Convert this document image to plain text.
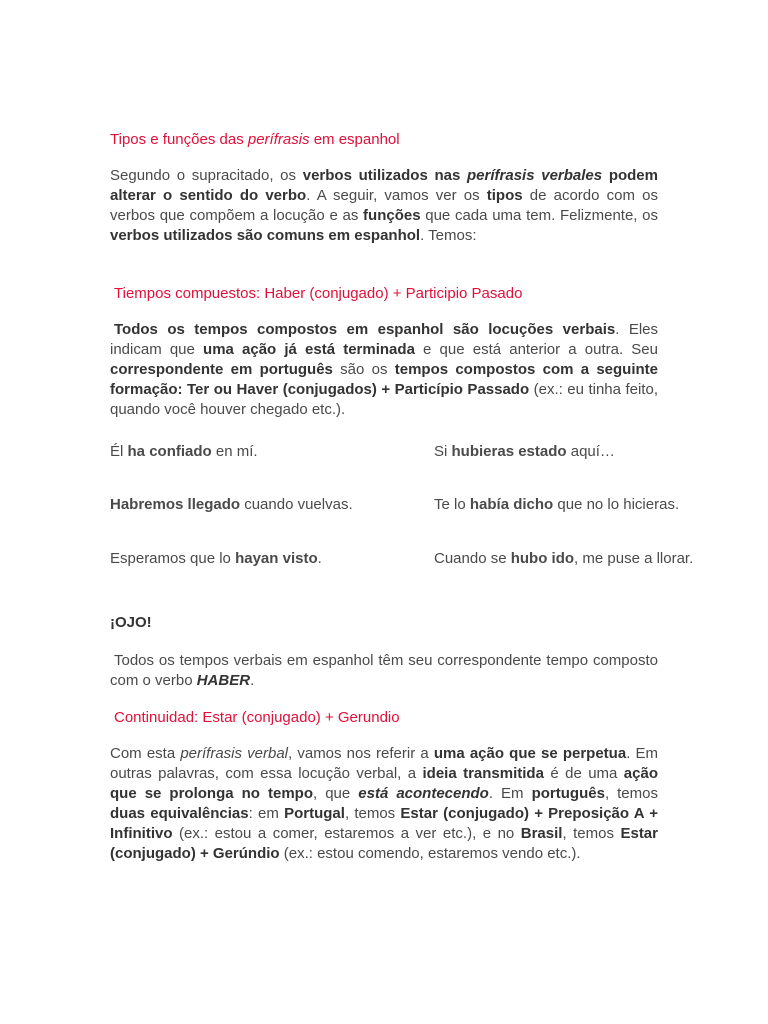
Tipos e funções das perífrasis em espanhol

Segundo o supracitado, os verbos utilizados nas perífrasis verbales podem alterar o sentido do verbo. A seguir, vamos ver os tipos de acordo com os verbos que compõem a locução e as funções que cada uma tem. Felizmente, os verbos utilizados são comuns em espanhol. Temos:

Tiempos compuestos: Haber (conjugado) + Participio Pasado

Todos os tempos compostos em espanhol são locuções verbais. Eles indicam que uma ação já está terminada e que está anterior a outra. Seu correspondente em português são os tempos compostos com a seguinte formação: Ter ou Haver (conjugados) + Particípio Passado (ex.: eu tinha feito, quando você houver chegado etc.).

Él ha confiado en mí.	Si hubieras estado aquí…
Habremos llegado cuando vuelvas.	Te lo había dicho que no lo hicieras.
Esperamos que lo hayan visto.	Cuando se hubo ido, me puse a llorar.
¡OJO!

Todos os tempos verbais em espanhol têm seu correspondente tempo composto com o verbo HABER.

Continuidad: Estar (conjugado) + Gerundio

Com esta perífrasis verbal, vamos nos referir a uma ação que se perpetua. Em outras palavras, com essa locução verbal, a ideia transmitida é de uma ação que se prolonga no tempo, que está acontecendo. Em português, temos duas equivalências: em Portugal, temos Estar (conjugado) + Preposição A + Infinitivo (ex.: estou a comer, estaremos a ver etc.), e no Brasil, temos Estar (conjugado) + Gerúndio (ex.: estou comendo, estaremos vendo etc.).
